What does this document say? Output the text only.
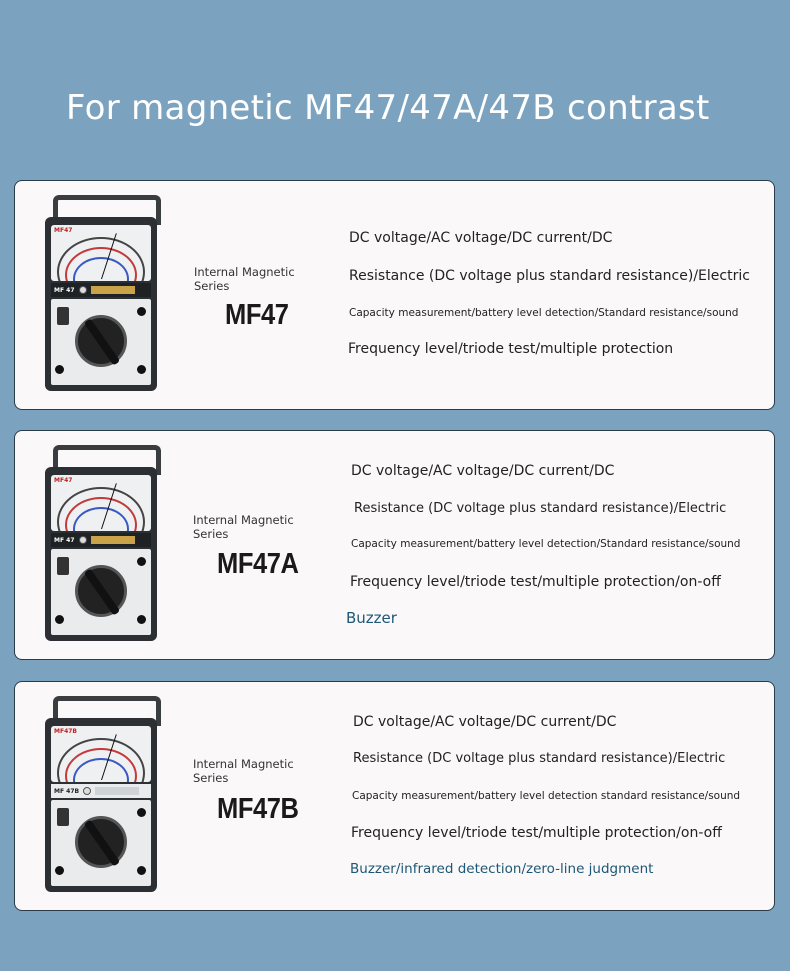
For magnetic MF47/47A/47B contrast
MF47
MF 47
Internal Magnetic Series
MF47
DC voltage/AC voltage/DC current/DC
Resistance (DC voltage plus standard resistance)/Electric
Capacity measurement/battery level detection/Standard resistance/sound
Frequency level/triode test/multiple protection
MF47
MF 47
Internal Magnetic Series
MF47A
DC voltage/AC voltage/DC current/DC
Resistance (DC voltage plus standard resistance)/Electric
Capacity measurement/battery level detection/Standard resistance/sound
Frequency level/triode test/multiple protection/on-off
Buzzer
MF47B
MF 47B
Internal Magnetic Series
MF47B
DC voltage/AC voltage/DC current/DC
Resistance (DC voltage plus standard resistance)/Electric
Capacity measurement/battery level detection standard resistance/sound
Frequency level/triode test/multiple protection/on-off
Buzzer/infrared detection/zero-line judgment
